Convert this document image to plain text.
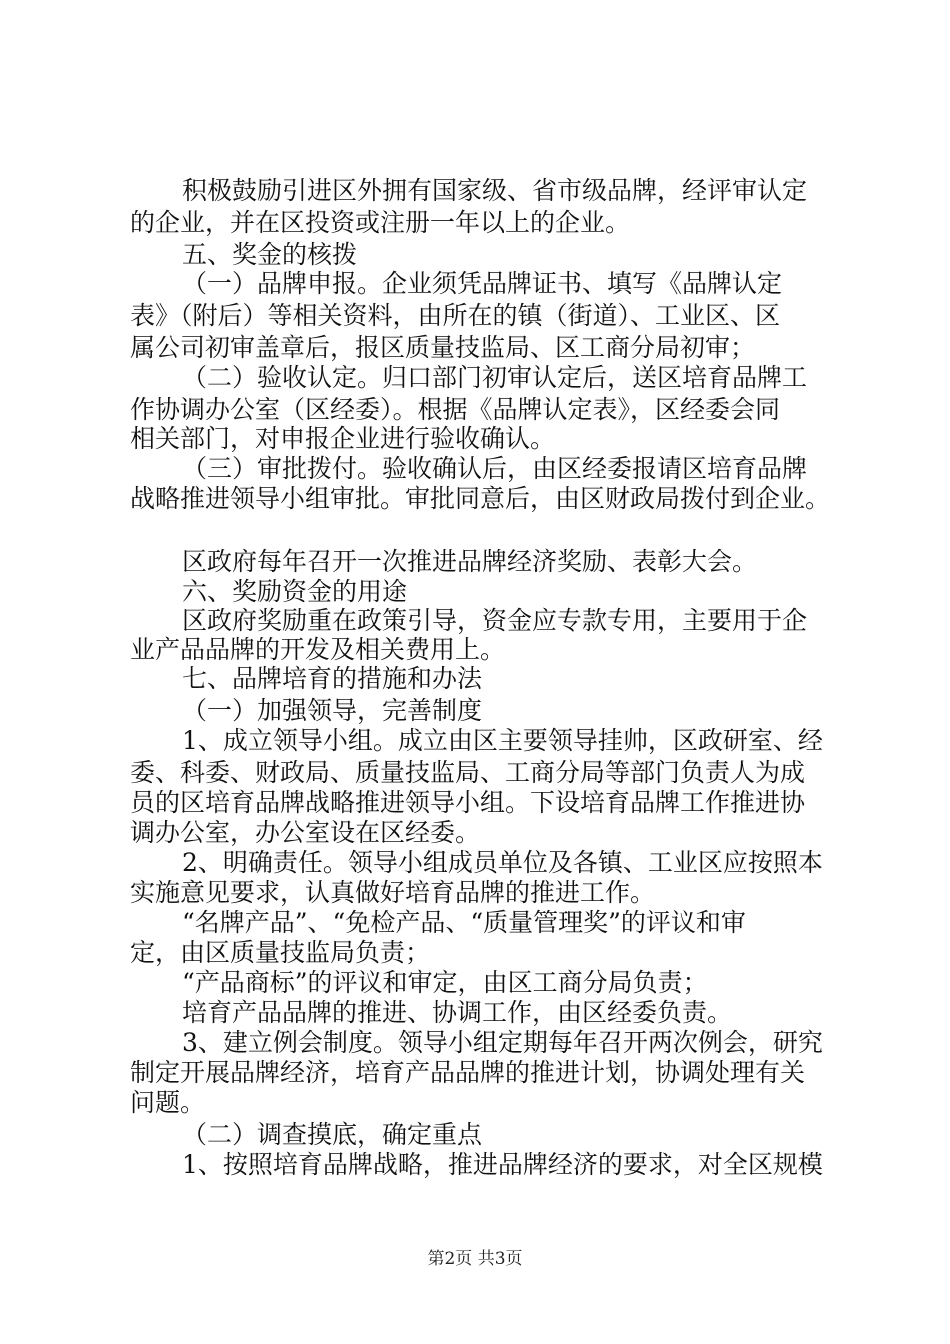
积极鼓励引进区外拥有国家级、省市级品牌，经评审认定
的企业，并在区投资或注册一年以上的企业。
五、奖金的核拨
（一）品牌申报。企业须凭品牌证书、填写《品牌认定
表》（附后）等相关资料，由所在的镇（街道）、工业区、区
属公司初审盖章后，报区质量技监局、区工商分局初审；
（二）验收认定。归口部门初审认定后，送区培育品牌工
作协调办公室（区经委）。根据《品牌认定表》，区经委会同
相关部门，对申报企业进行验收确认。
（三）审批拨付。验收确认后，由区经委报请区培育品牌
战略推进领导小组审批。审批同意后，由区财政局拨付到企业。
区政府每年召开一次推进品牌经济奖励、表彰大会。
六、奖励资金的用途
区政府奖励重在政策引导，资金应专款专用，主要用于企
业产品品牌的开发及相关费用上。
七、品牌培育的措施和办法
（一）加强领导，完善制度
1、成立领导小组。成立由区主要领导挂帅，区政研室、经
委、科委、财政局、质量技监局、工商分局等部门负责人为成
员的区培育品牌战略推进领导小组。下设培育品牌工作推进协
调办公室，办公室设在区经委。
2、明确责任。领导小组成员单位及各镇、工业区应按照本
实施意见要求，认真做好培育品牌的推进工作。
“名牌产品”、“免检产品、“质量管理奖”的评议和审
定，由区质量技监局负责；
“产品商标”的评议和审定，由区工商分局负责；
培育产品品牌的推进、协调工作，由区经委负责。
3、建立例会制度。领导小组定期每年召开两次例会，研究
制定开展品牌经济，培育产品品牌的推进计划，协调处理有关
问题。
（二）调查摸底，确定重点
1、按照培育品牌战略，推进品牌经济的要求，对全区规模
第2页 共3页
